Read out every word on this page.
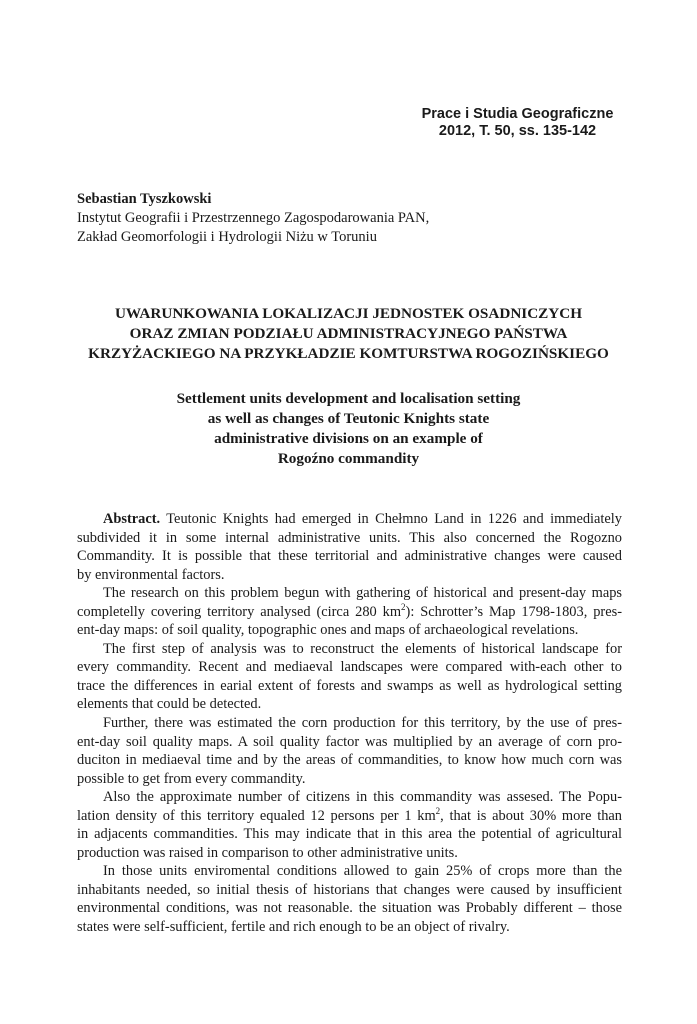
Prace i Studia Geograficzne
2012, T. 50, ss. 135-142
Sebastian Tyszkowski
Instytut Geografii i Przestrzennego Zagospodarowania PAN,
Zakład Geomorfologii i Hydrologii Niżu w Toruniu
UWARUNKOWANIA LOKALIZACJI JEDNOSTEK OSADNICZYCH
ORAZ ZMIAN PODZIAŁU ADMINISTRACYJNEGO PAŃSTWA
KRZYŻACKIEGO NA PRZYKŁADZIE KOMTURSTWA ROGOZIŃSKIEGO
Settlement units development and localisation setting
as well as changes of Teutonic Knights state
administrative divisions on an example of
Rogoźno commandity
Abstract. Teutonic Knights had emerged in Chełmno Land in 1226 and immediately
subdivided it in some internal administrative units. This also concerned the Rogozno
Commandity. It is possible that these territorial and administrative changes were caused
by environmental factors.
The research on this problem begun with gathering of historical and present-day maps
completelly covering territory analysed (circa 280 $km^2$): Schrotter’s Map 1798-1803, pres-
ent-day maps: of soil quality, topographic ones and maps of archaeological revelations.
The first step of analysis was to reconstruct the elements of historical landscape for
every commandity. Recent and mediaeval landscapes were compared with-each other to
trace the differences in earial extent of forests and swamps as well as hydrological setting
elements that could be detected.
Further, there was estimated the corn production for this territory, by the use of pres-
ent-day soil quality maps. A soil quality factor was multiplied by an average of corn pro-
duciton in mediaeval time and by the areas of commandities, to know how much corn was
possible to get from every commandity.
Also the approximate number of citizens in this commandity was assesed. The Popu-
lation density of this territory equaled 12 persons per 1 $km^2$, that is about 30% more than
in adjacents commandities. This may indicate that in this area the potential of agricultural
production was raised in comparison to other administrative units.
In those units enviromental conditions allowed to gain 25% of crops more than the
inhabitants needed, so initial thesis of historians that changes were caused by insufficient
environmental conditions, was not reasonable. the situation was Probably different – those
states were self-sufficient, fertile and rich enough to be an object of rivalry.
